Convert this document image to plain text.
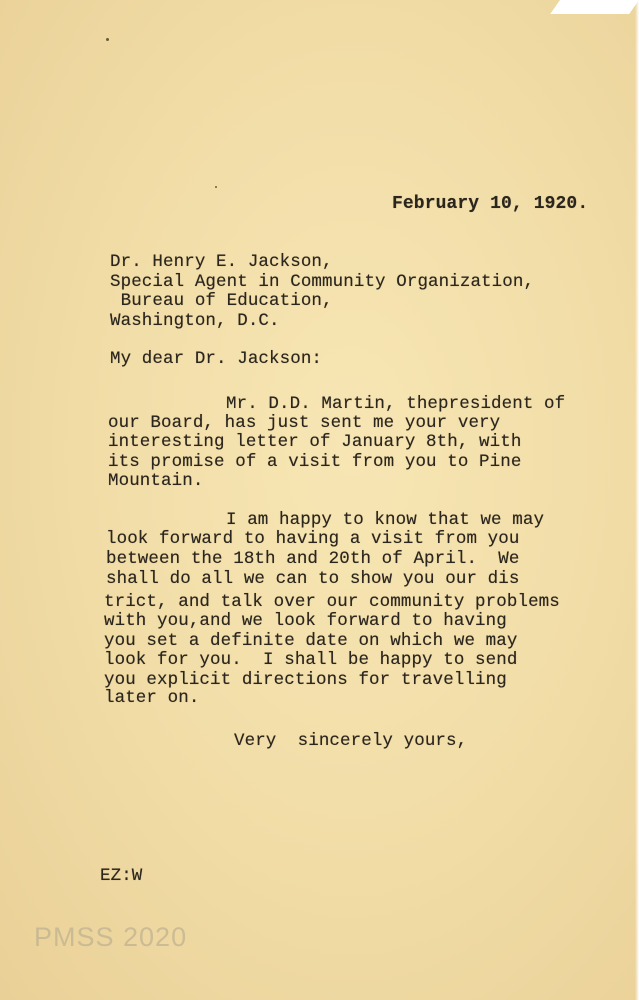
February 10, 1920.
Dr. Henry E. Jackson,
Special Agent in Community Organization,
Bureau of Education,
Washington, D.C.
My dear Dr. Jackson:
Mr. D.D. Martin, thepresident of
our Board, has just sent me your very
interesting letter of January 8th, with
its promise of a visit from you to Pine
Mountain.
I am happy to know that we may
look forward to having a visit from you
between the 18th and 20th of April.  We
shall do all we can to show you our dis
trict, and talk over our community problems
with you,and we look forward to having
you set a definite date on which we may
look for you.  I shall be happy to send
you explicit directions for travelling
later on.
Very  sincerely yours,
EZ:W
PMSS 2020
